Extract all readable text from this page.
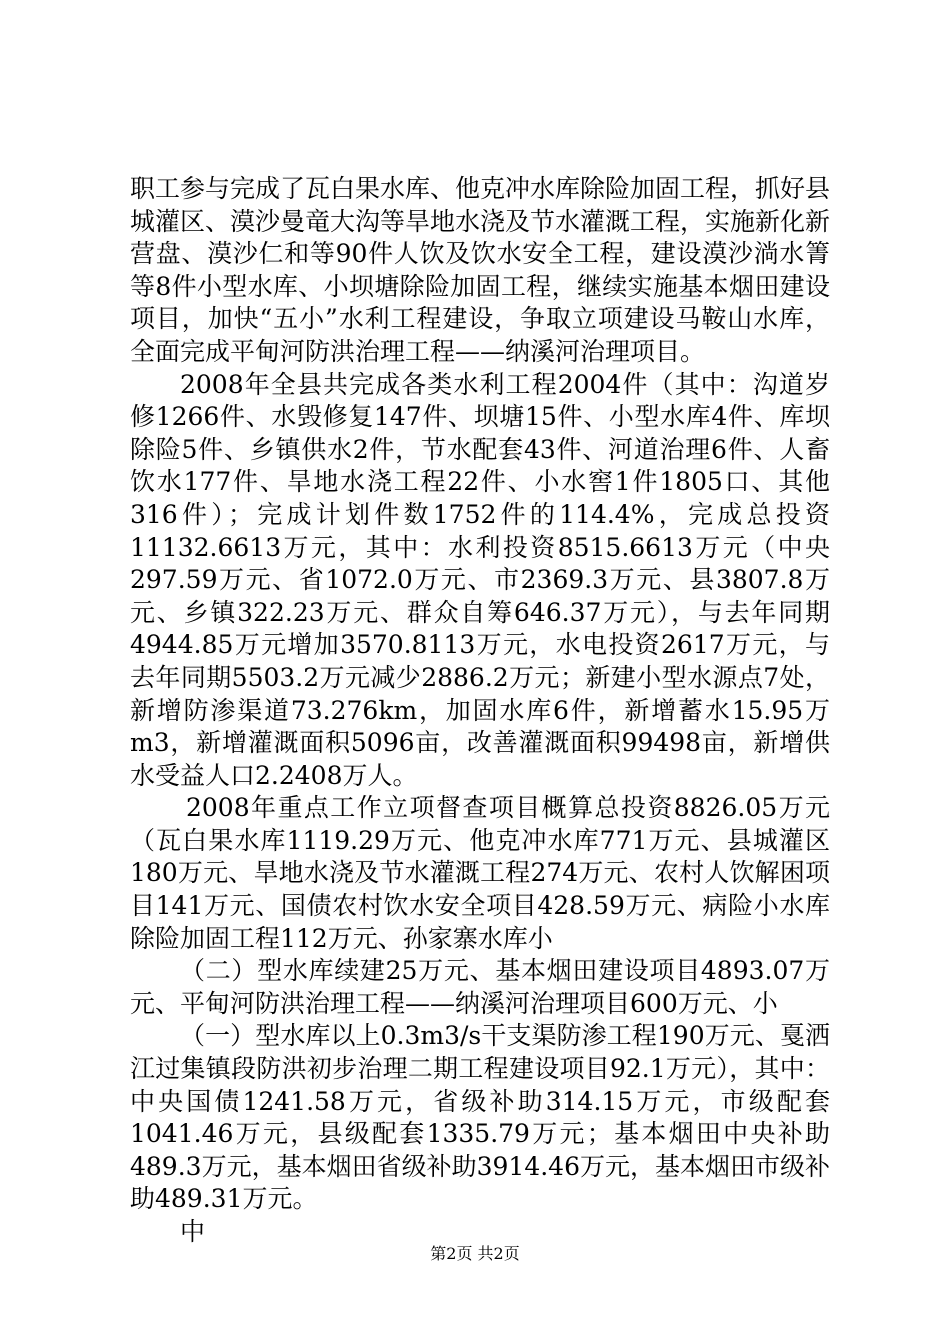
职工参与完成了瓦白果水库、他克冲水库除险加固工程，抓好县城灌区、漠沙曼竜大沟等旱地水浇及节水灌溉工程，实施新化新营盘、漠沙仁和等90件人饮及饮水安全工程，建设漠沙淌水箐等8件小型水库、小坝塘除险加固工程，继续实施基本烟田建设项目，加快“五小”水利工程建设，争取立项建设马鞍山水库，全面完成平甸河防洪治理工程——纳溪河治理项目。

2008年全县共完成各类水利工程2004件（其中：沟道岁修1266件、水毁修复147件、坝塘15件、小型水库4件、库坝除险5件、乡镇供水2件，节水配套43件、河道治理6件、人畜饮水177件、旱地水浇工程22件、小水窖1件1805口、其他316件）；完成计划件数1752件的114.4%，完成总投资11132.6613万元，其中：水利投资8515.6613万元（中央297.59万元、省1072.0万元、市2369.3万元、县3807.8万元、乡镇322.23万元、群众自筹646.37万元），与去年同期4944.85万元增加3570.8113万元，水电投资2617万元，与去年同期5503.2万元减少2886.2万元；新建小型水源点7处，新增防渗渠道73.276km，加固水库6件，新增蓄水15.95万m3，新增灌溉面积5096亩，改善灌溉面积99498亩，新增供水受益人口2.2408万人。

2008年重点工作立项督查项目概算总投资8826.05万元（瓦白果水库1119.29万元、他克冲水库771万元、县城灌区180万元、旱地水浇及节水灌溉工程274万元、农村人饮解困项目141万元、国债农村饮水安全项目428.59万元、病险小水库除险加固工程112万元、孙家寨水库小

（二）型水库续建25万元、基本烟田建设项目4893.07万元、平甸河防洪治理工程——纳溪河治理项目600万元、小

（一）型水库以上0.3m3/s干支渠防渗工程190万元、戛洒江过集镇段防洪初步治理二期工程建设项目92.1万元），其中：中央国债1241.58万元，省级补助314.15万元，市级配套1041.46万元，县级配套1335.79万元；基本烟田中央补助489.3万元，基本烟田省级补助3914.46万元，基本烟田市级补助489.31万元。

中

第2页 共2页
